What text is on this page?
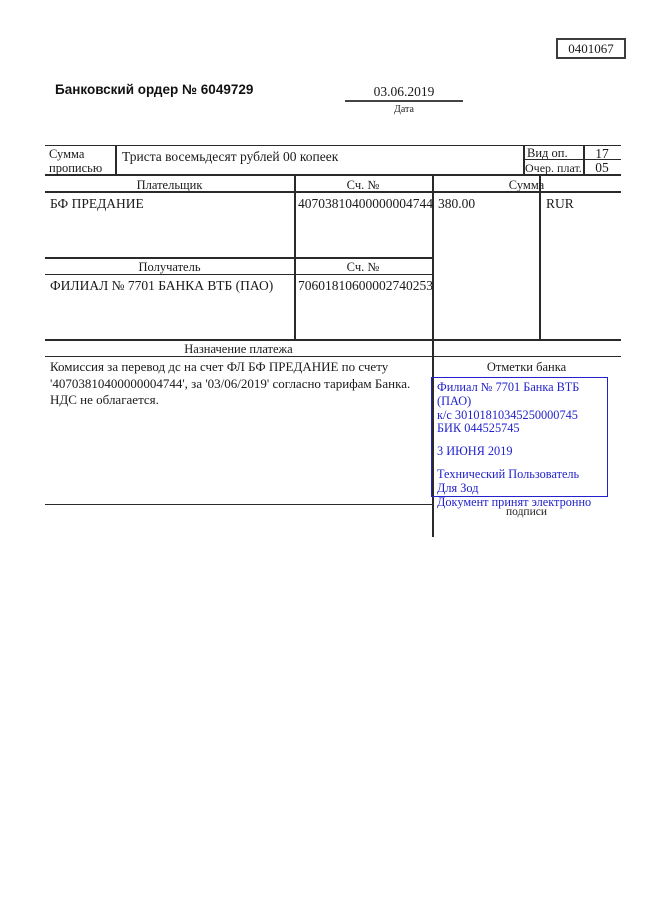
0401067
Банковский ордер № 6049729	03.06.2019
Дата
Сумма прописью
Триста восемьдесят рублей 00 копеек	Вид оп.	17
Очер. плат. 05
Плательщик	Сч. №	Сумма
БФ ПРЕДАНИЕ	40703810400000004744 380.00	RUR
Получатель	Сч. №
ФИЛИАЛ № 7701 БАНКА ВТБ (ПАО) 70601810600002740253
Назначение платежа
Комиссия за перевод дс на счет ФЛ БФ ПРЕДАНИЕ по счету '40703810400000004744', за '03/06/2019' согласно тарифам Банка. НДС не облагается.
Отметки банка
Филиал № 7701 Банка ВТБ (ПАО)
к/с 30101810345250000745
БИК 044525745
3 ИЮНЯ 2019
Технический Пользователь Для Зод
Документ принят электронно
подписи
